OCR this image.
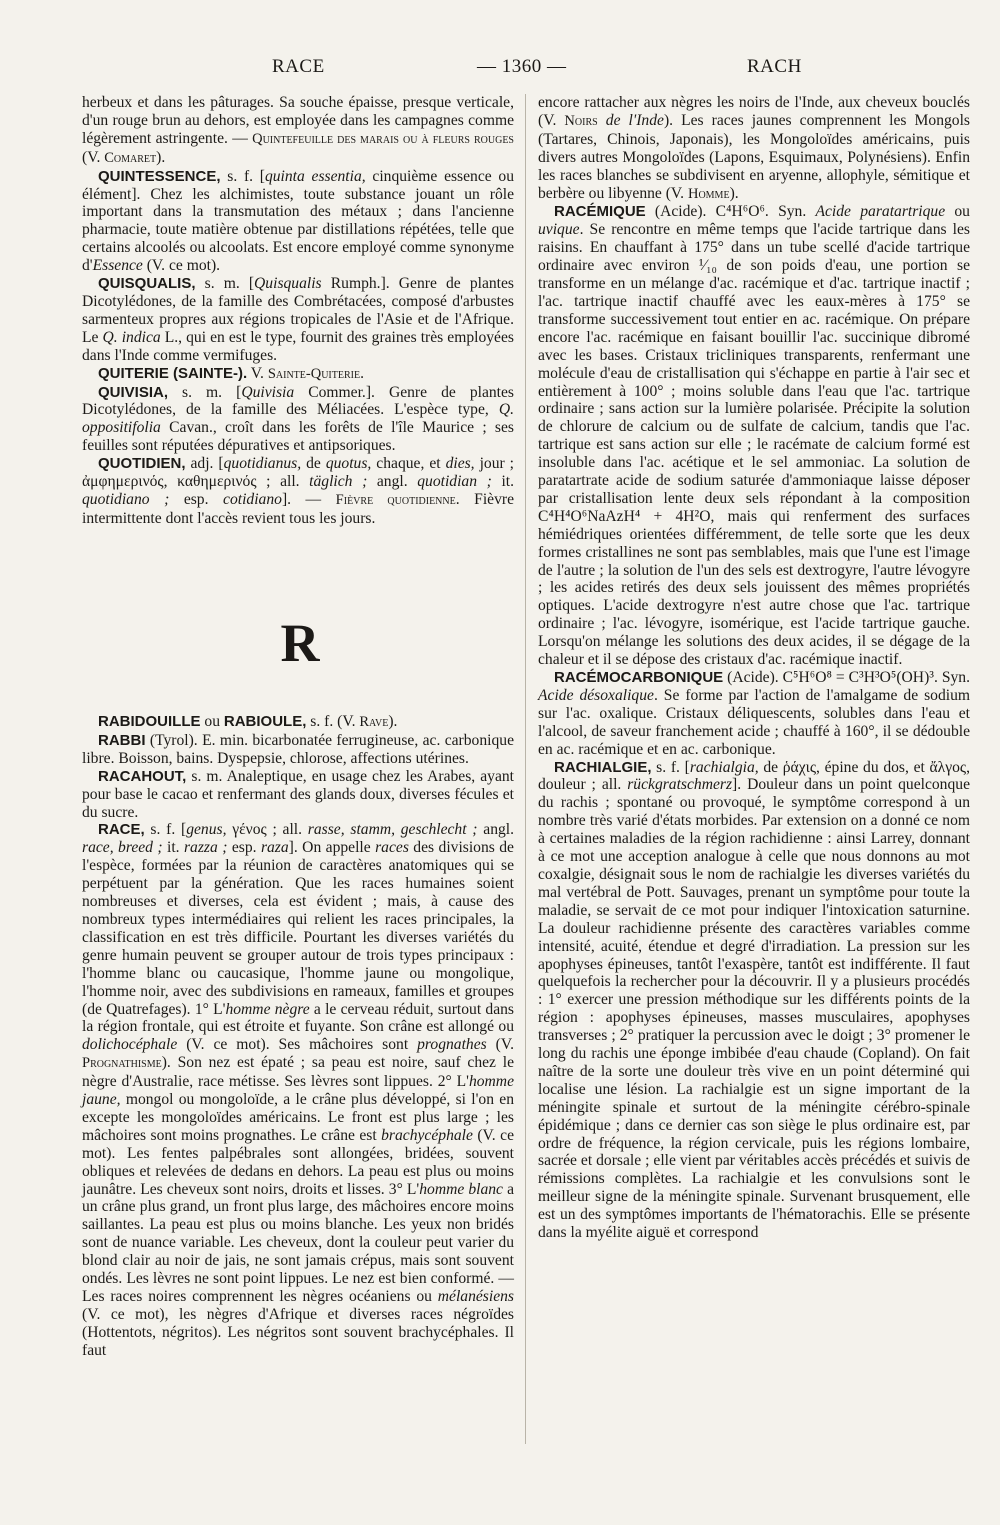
RACE	— 1360 —	RACH

herbeux et dans les pâturages. Sa souche épaisse, presque verticale, d'un rouge brun au dehors, est employée dans les campagnes comme légèrement astringente. — Quintefeuille des marais ou à fleurs rouges (V. Comaret).

QUINTESSENCE, s. f. [quinta essentia, cinquième essence ou élément]. Chez les alchimistes, toute substance jouant un rôle important dans la transmutation des métaux ; dans l'ancienne pharmacie, toute matière obtenue par distillations répétées, telle que certains alcoolés ou alcoolats. Est encore employé comme synonyme d'Essence (V. ce mot).

QUISQUALIS, s. m. [Quisqualis Rumph.]. Genre de plantes Dicotylédones, de la famille des Combrétacées, composé d'arbustes sarmenteux propres aux régions tropicales de l'Asie et de l'Afrique. Le Q. indica L., qui en est le type, fournit des graines très employées dans l'Inde comme vermifuges.

QUITERIE (SAINTE-). V. Sainte-Quiterie.

QUIVISIA, s. m. [Quivisia Commer.]. Genre de plantes Dicotylédones, de la famille des Méliacées. L'espèce type, Q. oppositifolia Cavan., croît dans les forêts de l'île Maurice ; ses feuilles sont réputées dépuratives et antipsoriques.

QUOTIDIEN, adj. [quotidianus, de quotus, chaque, et dies, jour ; ἀμφημερινός, καθημερινός ; all. täglich ; angl. quotidian ; it. quotidiano ; esp. cotidiano]. — Fièvre quotidienne. Fièvre intermittente dont l'accès revient tous les jours.

R

RABIDOUILLE ou RABIOULE, s. f. (V. Rave).

RABBI (Tyrol). E. min. bicarbonatée ferrugineuse, ac. carbonique libre. Boisson, bains. Dyspepsie, chlorose, affections utérines.

RACAHOUT, s. m. Analeptique, en usage chez les Arabes, ayant pour base le cacao et renfermant des glands doux, diverses fécules et du sucre.

RACE, s. f. [genus, γένος ; all. rasse, stamm, geschlecht ; angl. race, breed ; it. razza ; esp. raza]. On appelle races des divisions de l'espèce, formées par la réunion de caractères anatomiques qui se perpétuent par la génération. Que les races humaines soient nombreuses et diverses, cela est évident ; mais, à cause des nombreux types intermédiaires qui relient les races principales, la classification en est très difficile. Pourtant les diverses variétés du genre humain peuvent se grouper autour de trois types principaux : l'homme blanc ou caucasique, l'homme jaune ou mongolique, l'homme noir, avec des subdivisions en rameaux, familles et groupes (de Quatrefages). 1° L'homme nègre a le cerveau réduit, surtout dans la région frontale, qui est étroite et fuyante. Son crâne est allongé ou dolichocéphale (V. ce mot). Ses mâchoires sont prognathes (V. Prognathisme). Son nez est épaté ; sa peau est noire, sauf chez le nègre d'Australie, race métisse. Ses lèvres sont lippues. 2° L'homme jaune, mongol ou mongoloïde, a le crâne plus développé, si l'on en excepte les mongoloïdes américains. Le front est plus large ; les mâchoires sont moins prognathes. Le crâne est brachycéphale (V. ce mot). Les fentes palpébrales sont allongées, bridées, souvent obliques et relevées de dedans en dehors. La peau est plus ou moins jaunâtre. Les cheveux sont noirs, droits et lisses. 3° L'homme blanc a un crâne plus grand, un front plus large, des mâchoires encore moins saillantes. La peau est plus ou moins blanche. Les yeux non bridés sont de nuance variable. Les cheveux, dont la couleur peut varier du blond clair au noir de jais, ne sont jamais crépus, mais sont souvent ondés. Les lèvres ne sont point lippues. Le nez est bien conformé. — Les races noires comprennent les nègres océaniens ou mélanésiens (V. ce mot), les nègres d'Afrique et diverses races négroïdes (Hottentots, négritos). Les négritos sont souvent brachycéphales. Il faut

encore rattacher aux nègres les noirs de l'Inde, aux cheveux bouclés (V. Noirs de l'Inde). Les races jaunes comprennent les Mongols (Tartares, Chinois, Japonais), les Mongoloïdes américains, puis divers autres Mongoloïdes (Lapons, Esquimaux, Polynésiens). Enfin les races blanches se subdivisent en aryenne, allophyle, sémitique et berbère ou libyenne (V. Homme).

RACÉMIQUE (Acide). C⁴H⁶O⁶. Syn. Acide paratartrique ou uvique. Se rencontre en même temps que l'acide tartrique dans les raisins. En chauffant à 175° dans un tube scellé d'acide tartrique ordinaire avec environ ¹⁄₁₀ de son poids d'eau, une portion se transforme en un mélange d'ac. racémique et d'ac. tartrique inactif ; l'ac. tartrique inactif chauffé avec les eaux-mères à 175° se transforme successivement tout entier en ac. racémique. On prépare encore l'ac. racémique en faisant bouillir l'ac. succinique dibromé avec les bases. Cristaux tricliniques transparents, renfermant une molécule d'eau de cristallisation qui s'échappe en partie à l'air sec et entièrement à 100° ; moins soluble dans l'eau que l'ac. tartrique ordinaire ; sans action sur la lumière polarisée. Précipite la solution de chlorure de calcium ou de sulfate de calcium, tandis que l'ac. tartrique est sans action sur elle ; le racémate de calcium formé est insoluble dans l'ac. acétique et le sel ammoniac. La solution de paratartrate acide de sodium saturée d'ammoniaque laisse déposer par cristallisation lente deux sels répondant à la composition C⁴H⁴O⁶NaAzH⁴ + 4H²O, mais qui renferment des surfaces hémiédriques orientées différemment, de telle sorte que les deux formes cristallines ne sont pas semblables, mais que l'une est l'image de l'autre ; la solution de l'un des sels est dextrogyre, l'autre lévogyre ; les acides retirés des deux sels jouissent des mêmes propriétés optiques. L'acide dextrogyre n'est autre chose que l'ac. tartrique ordinaire ; l'ac. lévogyre, isomérique, est l'acide tartrique gauche. Lorsqu'on mélange les solutions des deux acides, il se dégage de la chaleur et il se dépose des cristaux d'ac. racémique inactif.

RACÉMOCARBONIQUE (Acide). C⁵H⁶O⁸ = C³H³O⁵(OH)³. Syn. Acide désoxalique. Se forme par l'action de l'amalgame de sodium sur l'ac. oxalique. Cristaux déliquescents, solubles dans l'eau et l'alcool, de saveur franchement acide ; chauffé à 160°, il se dédouble en ac. racémique et en ac. carbonique.

RACHIALGIE, s. f. [rachialgia, de ῥάχις, épine du dos, et ἄλγος, douleur ; all. rückgratschmerz]. Douleur dans un point quelconque du rachis ; spontané ou provoqué, le symptôme correspond à un nombre très varié d'états morbides. Par extension on a donné ce nom à certaines maladies de la région rachidienne : ainsi Larrey, donnant à ce mot une acception analogue à celle que nous donnons au mot coxalgie, désignait sous le nom de rachialgie les diverses variétés du mal vertébral de Pott. Sauvages, prenant un symptôme pour toute la maladie, se servait de ce mot pour indiquer l'intoxication saturnine. La douleur rachidienne présente des caractères variables comme intensité, acuité, étendue et degré d'irradiation. La pression sur les apophyses épineuses, tantôt l'exaspère, tantôt est indifférente. Il faut quelquefois la rechercher pour la découvrir. Il y a plusieurs procédés : 1° exercer une pression méthodique sur les différents points de la région : apophyses épineuses, masses musculaires, apophyses transverses ; 2° pratiquer la percussion avec le doigt ; 3° promener le long du rachis une éponge imbibée d'eau chaude (Copland). On fait naître de la sorte une douleur très vive en un point déterminé qui localise une lésion. La rachialgie est un signe important de la méningite spinale et surtout de la méningite cérébro-spinale épidémique ; dans ce dernier cas son siège le plus ordinaire est, par ordre de fréquence, la région cervicale, puis les régions lombaire, sacrée et dorsale ; elle vient par véritables accès précédés et suivis de rémissions complètes. La rachialgie et les convulsions sont le meilleur signe de la méningite spinale. Survenant brusquement, elle est un des symptômes importants de l'hématorachis. Elle se présente dans la myélite aiguë et correspond
